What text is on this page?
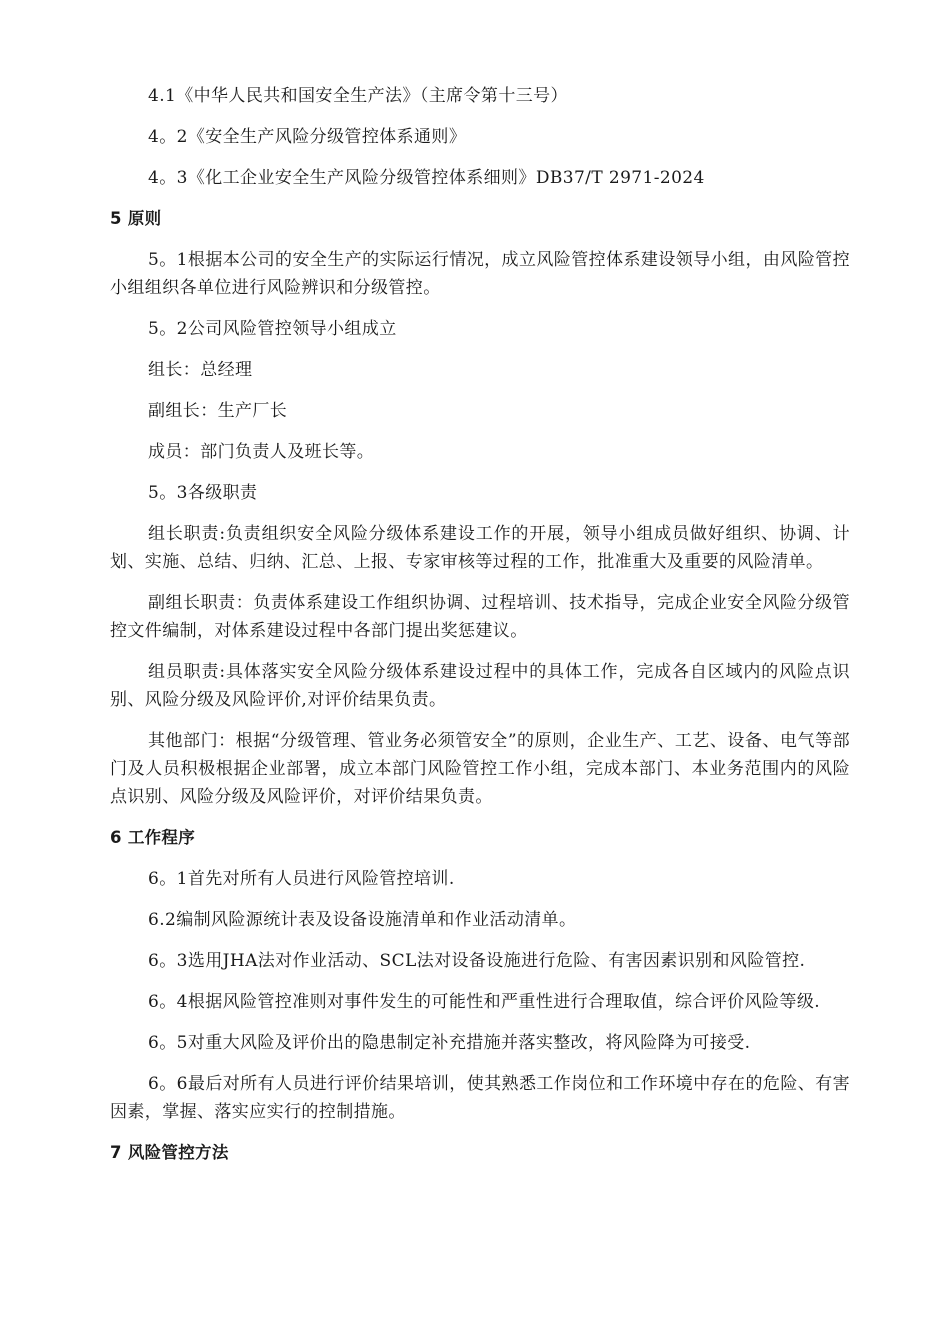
4.1《中华人民共和国安全生产法》（主席令第十三号）

4。2《安全生产风险分级管控体系通则》

4。3《化工企业安全生产风险分级管控体系细则》DB37/T 2971-2024

5 原则

5。1根据本公司的安全生产的实际运行情况，成立风险管控体系建设领导小组，由风险管控小组组织各单位进行风险辨识和分级管控。

5。2公司风险管控领导小组成立

组长：总经理

副组长：生产厂长

成员：部门负责人及班长等。

5。3各级职责

组长职责:负责组织安全风险分级体系建设工作的开展，领导小组成员做好组织、协调、计划、实施、总结、归纳、汇总、上报、专家审核等过程的工作，批准重大及重要的风险清单。

副组长职责：负责体系建设工作组织协调、过程培训、技术指导，完成企业安全风险分级管控文件编制，对体系建设过程中各部门提出奖惩建议。

组员职责:具体落实安全风险分级体系建设过程中的具体工作，完成各自区域内的风险点识别、风险分级及风险评价,对评价结果负责。

其他部门：根据“分级管理、管业务必须管安全”的原则，企业生产、工艺、设备、电气等部门及人员积极根据企业部署，成立本部门风险管控工作小组，完成本部门、本业务范围内的风险点识别、风险分级及风险评价，对评价结果负责。

6 工作程序

6。1首先对所有人员进行风险管控培训.

6.2编制风险源统计表及设备设施清单和作业活动清单。

6。3选用JHA法对作业活动、SCL法对设备设施进行危险、有害因素识别和风险管控.

6。4根据风险管控准则对事件发生的可能性和严重性进行合理取值，综合评价风险等级.

6。5对重大风险及评价出的隐患制定补充措施并落实整改，将风险降为可接受.

6。6最后对所有人员进行评价结果培训，使其熟悉工作岗位和工作环境中存在的危险、有害因素，掌握、落实应实行的控制措施。

7 风险管控方法
